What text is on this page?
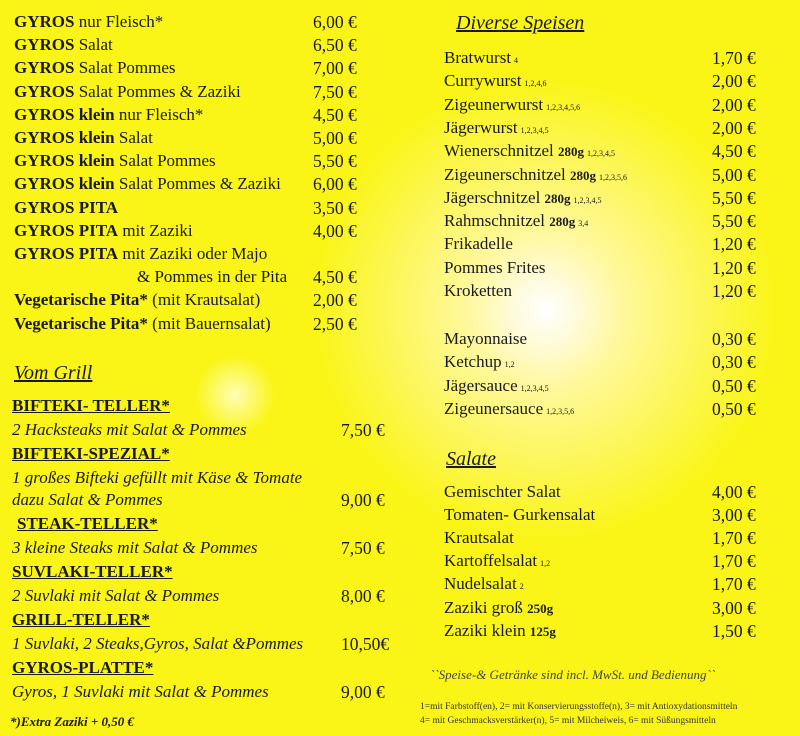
GYROS nur Fleisch*	6,00 €
GYROS Salat	6,50 €
GYROS Salat Pommes	7,00 €
GYROS Salat Pommes & Zaziki	7,50 €
GYROS klein nur Fleisch*	4,50 €
GYROS klein Salat	5,00 €
GYROS klein Salat Pommes	5,50 €
GYROS klein Salat Pommes & Zaziki 6,00 €
GYROS PITA	3,50 €
GYROS PITA mit Zaziki	4,00 €
GYROS PITA mit Zaziki oder Majo
& Pommes in der Pita 4,50 €
Vegetarische Pita* (mit Krautsalat)	2,00 €
Vegetarische Pita* (mit Bauernsalat) 2,50 €
Vom Grill
BIFTEKI- TELLER*
2 Hacksteaks mit Salat & Pommes	7,50 €
BIFTEKI-SPEZIAL*
1 großes Bifteki gefüllt mit Käse & Tomate
dazu Salat & Pommes	9,00 €
STEAK-TELLER*
3 kleine Steaks mit Salat & Pommes	7,50 €
SUVLAKI-TELLER*
2 Suvlaki mit Salat & Pommes	8,00 €
GRILL-TELLER*
1 Suvlaki, 2 Steaks,Gyros, Salat &Pommes 10,50€
GYROS-PLATTE*
Gyros, 1 Suvlaki mit Salat & Pommes	9,00 €
*)Extra Zaziki + 0,50 €
Diverse Speisen
Bratwurst 4	1,70 €
Currywurst 1,2,4,6	2,00 €
Zigeunerwurst 1,2,3,4,5,6	2,00 €
Jägerwurst 1,2,3,4,5	2,00 €
Wienerschnitzel 280g 1,2,3,4,5	4,50 €
Zigeunerschnitzel 280g 1,2,3,5,6	5,00 €
Jägerschnitzel 280g 1,2,3,4,5	5,50 €
Rahmschnitzel 280g 3,4	5,50 €
Frikadelle	1,20 €
Pommes Frites	1,20 €
Kroketten	1,20 €
Mayonnaise	0,30 €
Ketchup 1,2	0,30 €
Jägersauce 1,2,3,4,5	0,50 €
Zigeunersauce 1,2,3,5,6	0,50 €
Salate
Gemischter Salat	4,00 €
Tomaten- Gurkensalat	3,00 €
Krautsalat	1,70 €
Kartoffelsalat 1,2	1,70 €
Nudelsalat 2	1,70 €
Zaziki groß 250g	3,00 €
Zaziki klein 125g	1,50 €
``Speise-& Getränke sind incl. MwSt. und Bedienung``
1=mit Farbstoff(en), 2= mit Konservierungsstoffe(n), 3= mit Antioxydationsmitteln
4= mit Geschmacksverstärker(n), 5= mit Milcheiweis, 6= mit Süßungsmitteln
